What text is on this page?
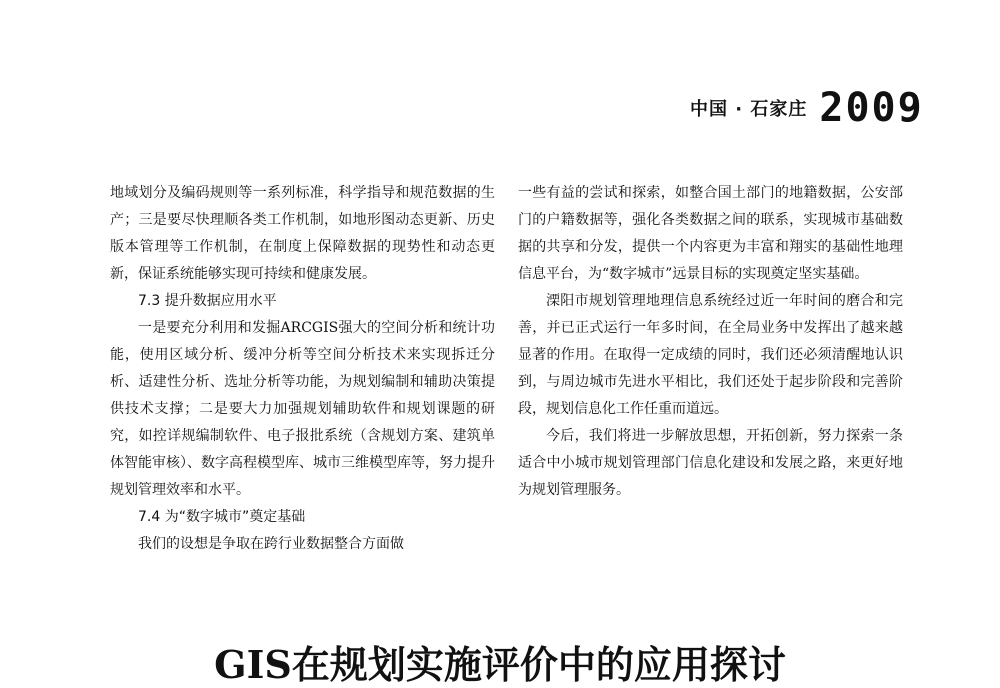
中国 · 石家庄 2009

地域划分及编码规则等一系列标准，科学指导和规范数据的生产；三是要尽快理顺各类工作机制，如地形图动态更新、历史版本管理等工作机制，在制度上保障数据的现势性和动态更新，保证系统能够实现可持续和健康发展。

7.3 提升数据应用水平

一是要充分利用和发掘ARCGIS强大的空间分析和统计功能，使用区域分析、缓冲分析等空间分析技术来实现拆迁分析、适建性分析、选址分析等功能，为规划编制和辅助决策提供技术支撑；二是要大力加强规划辅助软件和规划课题的研究，如控详规编制软件、电子报批系统（含规划方案、建筑单体智能审核）、数字高程模型库、城市三维模型库等，努力提升规划管理效率和水平。

7.4 为“数字城市”奠定基础

我们的设想是争取在跨行业数据整合方面做

一些有益的尝试和探索，如整合国土部门的地籍数据，公安部门的户籍数据等，强化各类数据之间的联系，实现城市基础数据的共享和分发，提供一个内容更为丰富和翔实的基础性地理信息平台，为“数字城市”远景目标的实现奠定坚实基础。

溧阳市规划管理地理信息系统经过近一年时间的磨合和完善，并已正式运行一年多时间，在全局业务中发挥出了越来越显著的作用。在取得一定成绩的同时，我们还必须清醒地认识到，与周边城市先进水平相比，我们还处于起步阶段和完善阶段，规划信息化工作任重而道远。

今后，我们将进一步解放思想，开拓创新，努力探索一条适合中小城市规划管理部门信息化建设和发展之路，来更好地为规划管理服务。

GIS在规划实施评价中的应用探讨
